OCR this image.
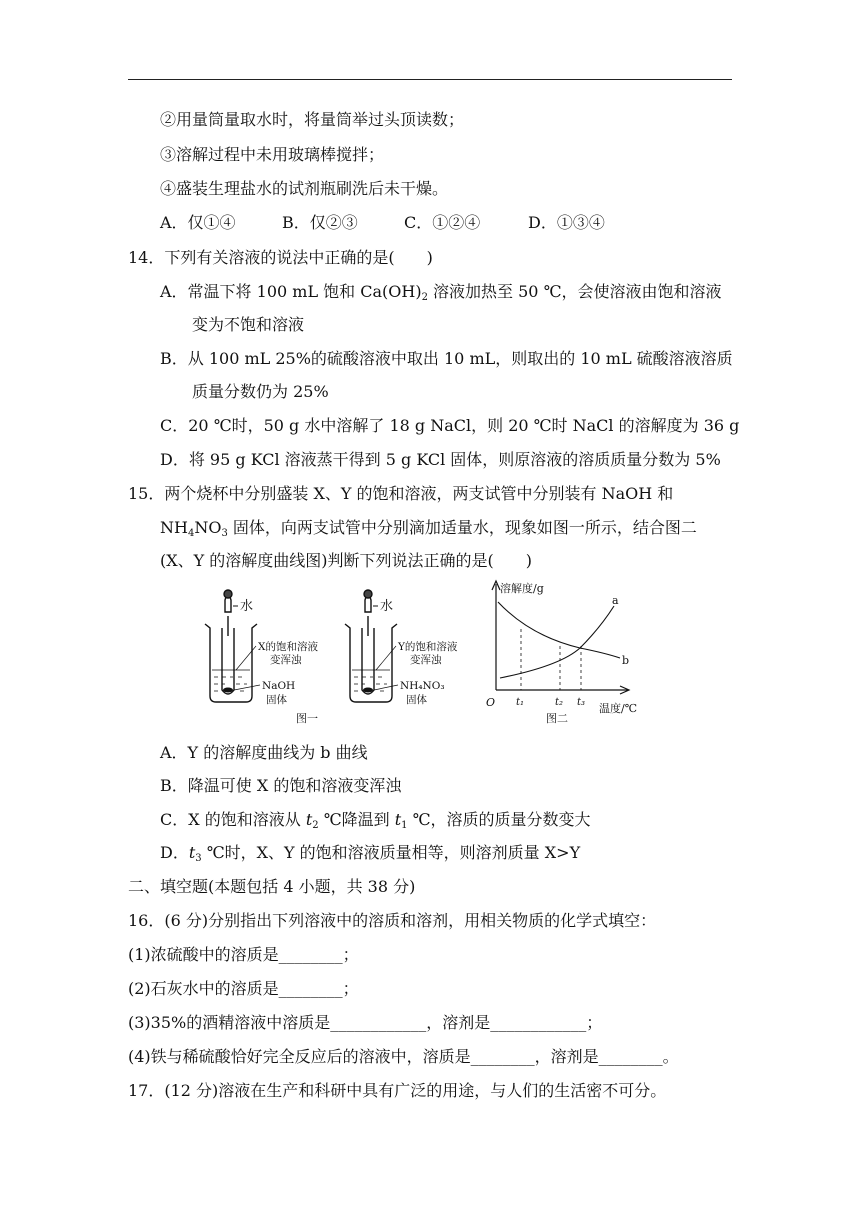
②用量筒量取水时，将量筒举过头顶读数；
③溶解过程中未用玻璃棒搅拌；
④盛装生理盐水的试剂瓶刷洗后未干燥。
A．仅①④	B．仅②③	C．①②④	D．①③④
14．下列有关溶液的说法中正确的是(　　)
A．常温下将 100 mL 饱和 $Ca(OH)_2$ 溶液加热至 50 ℃，会使溶液由饱和溶液
变为不饱和溶液
B．从 100 mL 25%的硫酸溶液中取出 10 mL，则取出的 10 mL 硫酸溶液溶质
质量分数仍为 25%
C．20 ℃时，50 g 水中溶解了 18 g NaCl，则 20 ℃时 NaCl 的溶解度为 36 g
D．将 95 g KCl 溶液蒸干得到 5 g KCl 固体，则原溶液的溶质质量分数为 5%
15．两个烧杯中分别盛装 X、Y 的饱和溶液，两支试管中分别装有 NaOH 和
$NH_4NO_3$ 固体，向两支试管中分别滴加适量水，现象如图一所示，结合图二
(X、Y 的溶解度曲线图)判断下列说法正确的是(　　)
水
X的饱和溶液
变浑浊
NaOH
固体
图一
水
Y的饱和溶液
变浑浊
NH₄NO₃
固体
溶解度/g
温度/℃
O
a
b
t₁	t₂ t₃
图二
A．Y 的溶解度曲线为 b 曲线
B．降温可使 X 的饱和溶液变浑浊
C．X 的饱和溶液从 $t_2$ ℃降温到 $t_1$ ℃，溶质的质量分数变大
D．$t_3$ ℃时，X、Y 的饱和溶液质量相等，则溶剂质量 X>Y
二、填空题(本题包括 4 小题，共 38 分)
16．(6 分)分别指出下列溶液中的溶质和溶剂，用相关物质的化学式填空：
(1)浓硫酸中的溶质是________；
(2)石灰水中的溶质是________；
(3)35%的酒精溶液中溶质是____________，溶剂是____________；
(4)铁与稀硫酸恰好完全反应后的溶液中，溶质是________，溶剂是________。
17．(12 分)溶液在生产和科研中具有广泛的用途，与人们的生活密不可分。
